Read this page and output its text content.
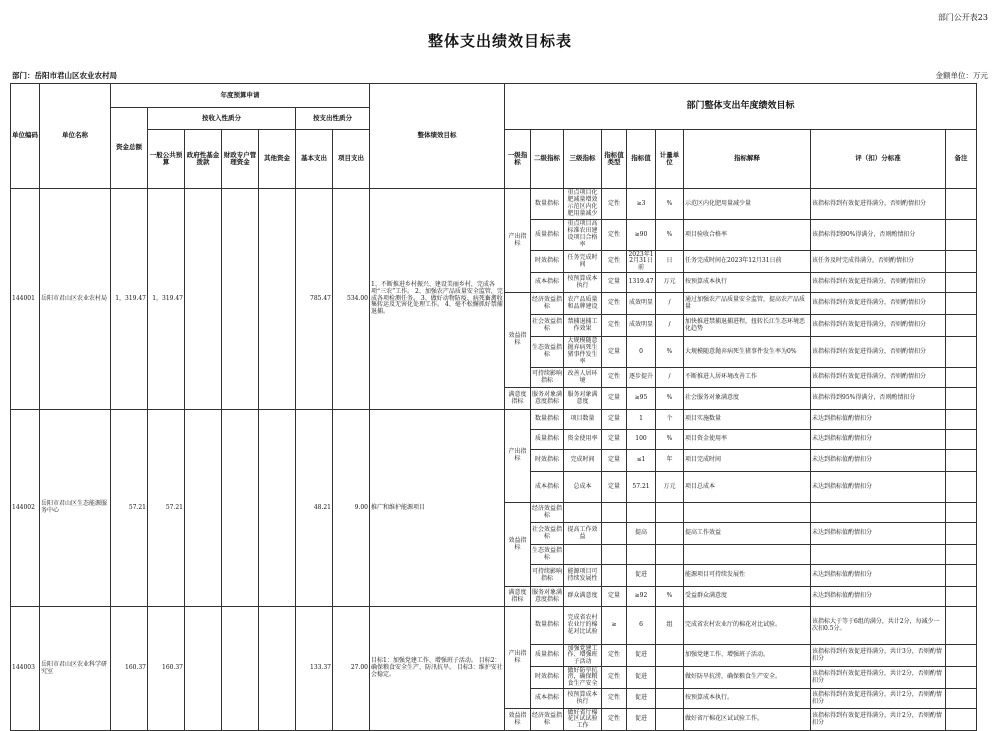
部门公开表23
整体支出绩效目标表
部门：岳阳市君山区农业农村局	金额单位：万元
单位编码	单位名称	年度预算申请							整体绩效目标	部门整体支出年度绩效目标								
		资金总额	按收入性质分				按支出性质分											
			一般公共预算	政府性基金拨款	财政专户管理资金	其他资金	基本支出	项目支出		一级指标	二级指标	三级指标	指标值类型	指标值	计量单位	指标解释	评（扣）分标准	备注
144001	岳阳市君山区农业农村局	1，319.47	1，319.47				785.47	534.00	1、不断推进乡村振兴、建设美丽乡村，完成各项“三农”工作。 2、加强农产品质量安全监管，完成各项检测任务。 3、做好动物防疫、病死畜禽收集转运及无害化处理工作。 4、毫不松懈抓好禁捕退捕。	产出指标	数量指标	重点项目化肥减量增效示范区内化肥用量减少	定性	≥3	%	示范区内化肥用量减少量	该指标得到有效促进得满分，否则酌情扣分	
											质量指标	重点项目高标准农田建设项目合格率	定性	≥90	%	项目验收合格率	该指标得到90%得满分，否则酌情扣分	
											时效指标	任务完成时间	定性	2023年12月31日前	日	任务完成时间在2023年12月31日前	该任务及时完成得满分，否则酌情扣分	
											成本指标	按预算成本执行	定量	1319.47	万元	按预算成本执行	该指标得到有效促进得满分，否则酌情扣分	
										效益指标	经济效益指标	农产品质量和品牌建设	定性	成效明显	/	通过加强农产品质量安全监管，提高农产品质量	该指标得到有效促进得满分，否则酌情扣分	
											社会效益指标	禁捕退捕工作效果	定性	成效明显	/	加快推进禁捕退捕进程，扭转长江生态环境恶化趋势	该指标得到有效促进得满分，否则酌情扣分	
											生态效益指标	大规模随意抛弃病死生猪事件发生率	定量	0	%	大规模随意抛弃病死生猪事件发生率为0%	该指标得到有效促进得满分，否则酌情扣分	
											可持续影响指标	改善人居环境	定性	逐步提升	/	不断推进人居环境改善工作	该指标得到有效促进得满分，否则酌情扣分	
										满意度指标	服务对象满意度指标	服务对象满意度	定量	≥95	%	社会服务对象满意度	该指标得到95%得满分，否则酌情扣分	
144002	岳阳市君山区生态能源服务中心	57.21	57.21				48.21	9.00	推广和维护能源项目	产出指标	数量指标	项目数量	定量	1	个	项目实施数量	未达到指标值酌情扣分	
											质量指标	资金使用率	定量	100	%	项目资金使用率	未达到指标值酌情扣分	
											时效指标	完成时间	定量	≤1	年	项目完成时间	未达到指标值酌情扣分	
											成本指标	总成本	定量	57.21	万元	项目总成本	未达到指标值酌情扣分	
										效益指标	经济效益指标	

											社会效益指标	提高工作效益		提高		提高工作效益	未达到指标值酌情扣分	
											生态效益指标	

											可持续影响指标	能源项目可持续发展性		促进		能源项目可持续发展性	未达到指标值酌情扣分	
										满意度指标	服务对象满意度指标	群众满意度	定量	≥92	%	受益群众满意度	未达到指标值酌情扣分	
144003	岳阳市君山区农业科学研究室	160.37	160.37				133.37	27.00	目标1：加强党建工作、增强班子活动。 目标2：确保粮食安全生产、防汛抗旱。 目标3：维护安社会稳定。	产出指标	数量指标	完成省农村农业厅的棉花对比试验	≥	6	组	完成省农村农业厅的棉花对比试验。	该指标大于等于6组的满分，共计2分，每减少一次扣0.5分。	
											质量指标	加强党建工作、增强班子活动	定性	促进		加强党建工作、增强班子活动。	该指标得到有效促进得满分，共计3分，否则酌情扣分	
											时效指标	做好防旱抗涝，确保粮食生产安全	定性	促进		做好防旱抗涝，确保粮食生产安全。	该指标得到有效促进得满分，共计2分，否则酌情扣分	
											成本指标	按预算成本执行	定性	促进		按预算成本执行。	该指标得到有效促进得满分，共计2分，否则酌情扣分	
										效益指标	经济效益指标	做好省厅棉花区试试验工作	定性	促进		做好省厅棉花区试试验工作。	该指标得到有效促进得满分，共计2分，否则酌情扣分	
